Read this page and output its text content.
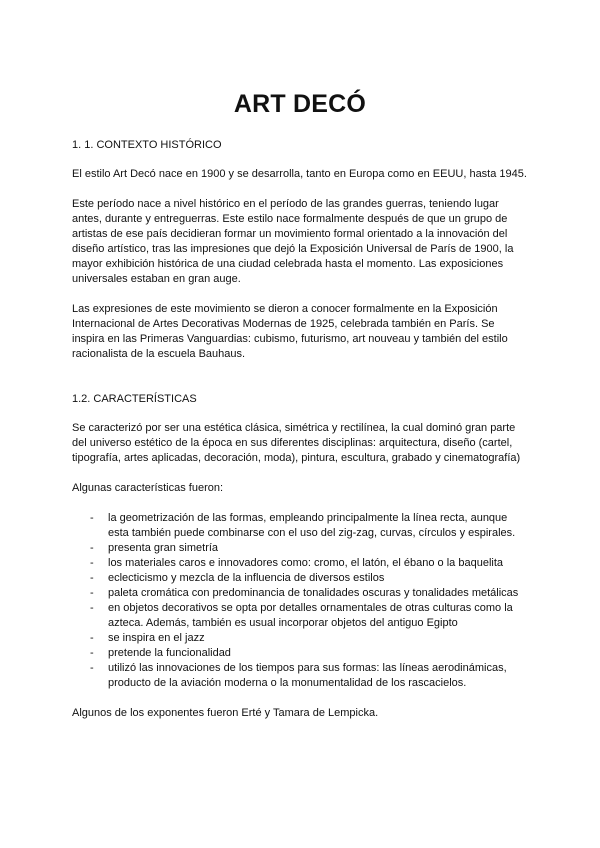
ART DECÓ
1. 1. CONTEXTO HISTÓRICO

El estilo Art Decó nace en 1900 y se desarrolla, tanto en Europa como en EEUU, hasta 1945.

Este período nace a nivel histórico en el período de las grandes guerras, teniendo lugar antes, durante y entreguerras. Este estilo nace formalmente después de que un grupo de artistas de ese país decidieran formar un movimiento formal orientado a la innovación del diseño artístico, tras las impresiones que dejó la Exposición Universal de París de 1900, la mayor exhibición histórica de una ciudad celebrada hasta el momento. Las exposiciones universales estaban en gran auge.

Las expresiones de este movimiento se dieron a conocer formalmente en la Exposición Internacional de Artes Decorativas Modernas de 1925, celebrada también en París. Se inspira en las Primeras Vanguardias: cubismo, futurismo, art nouveau y también del estilo racionalista de la escuela Bauhaus.

1.2. CARACTERÍSTICAS

Se caracterizó por ser una estética clásica, simétrica y rectilínea, la cual dominó gran parte del universo estético de la época en sus diferentes disciplinas: arquitectura, diseño (cartel, tipografía, artes aplicadas, decoración, moda), pintura, escultura, grabado y cinematografía)

Algunas características fueron:

- la geometrización de las formas, empleando principalmente la línea recta, aunque esta también puede combinarse con el uso del zig-zag, curvas, círculos y espirales.
- presenta gran simetría
- los materiales caros e innovadores como: cromo, el latón, el ébano o la baquelita
- eclecticismo y mezcla de la influencia de diversos estilos
- paleta cromática con predominancia de tonalidades oscuras y tonalidades metálicas
- en objetos decorativos se opta por detalles ornamentales de otras culturas como la azteca. Además, también es usual incorporar objetos del antiguo Egipto
- se inspira en el jazz
- pretende la funcionalidad
- utilizó las innovaciones de los tiempos para sus formas: las líneas aerodinámicas, producto de la aviación moderna o la monumentalidad de los rascacielos.

Algunos de los exponentes fueron Erté y Tamara de Lempicka.
